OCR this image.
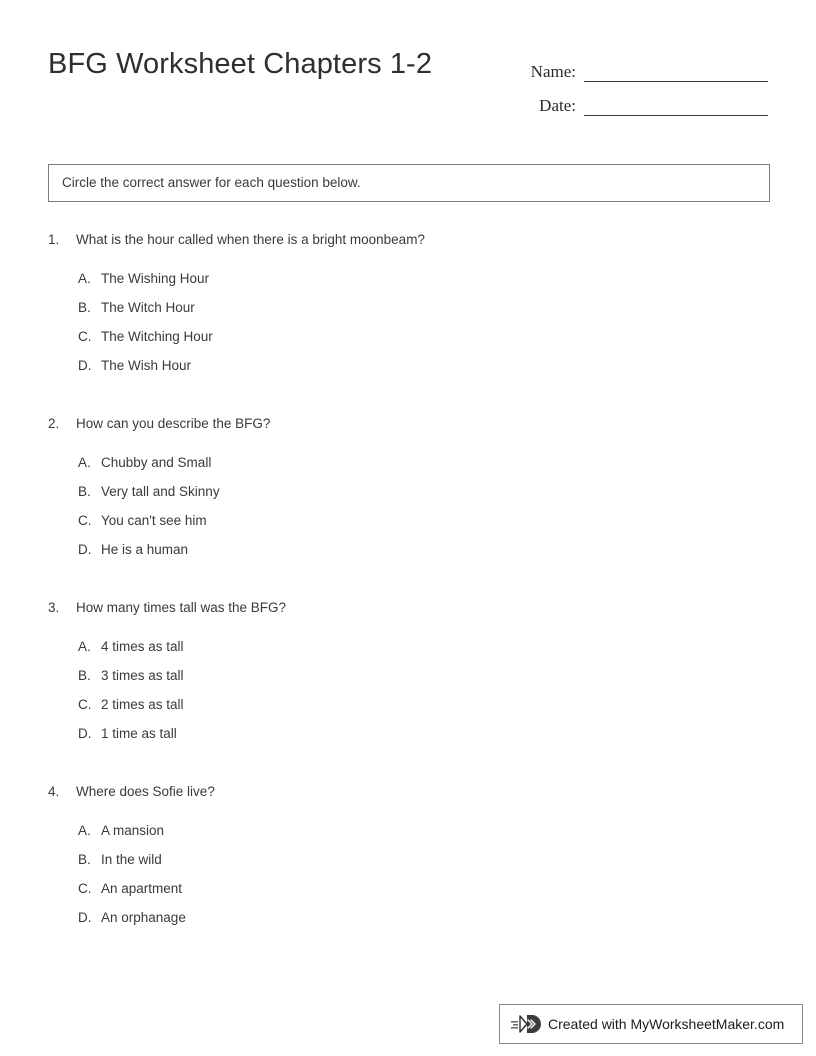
BFG Worksheet Chapters 1-2	Name:
Date:
Circle the correct answer for each question below.
1.	What is the hour called when there is a bright moonbeam?
A. The Wishing Hour
B. The Witch Hour
C. The Witching Hour
D. The Wish Hour
2.	How can you describe the BFG?
A. Chubby and Small
B. Very tall and Skinny
C. You can't see him
D. He is a human
3.	How many times tall was the BFG?
A. 4 times as tall
B. 3 times as tall
C. 2 times as tall
D. 1 time as tall
4.	Where does Sofie live?
A. A mansion
B. In the wild
C. An apartment
D. An orphanage
Created with MyWorksheetMaker.com
